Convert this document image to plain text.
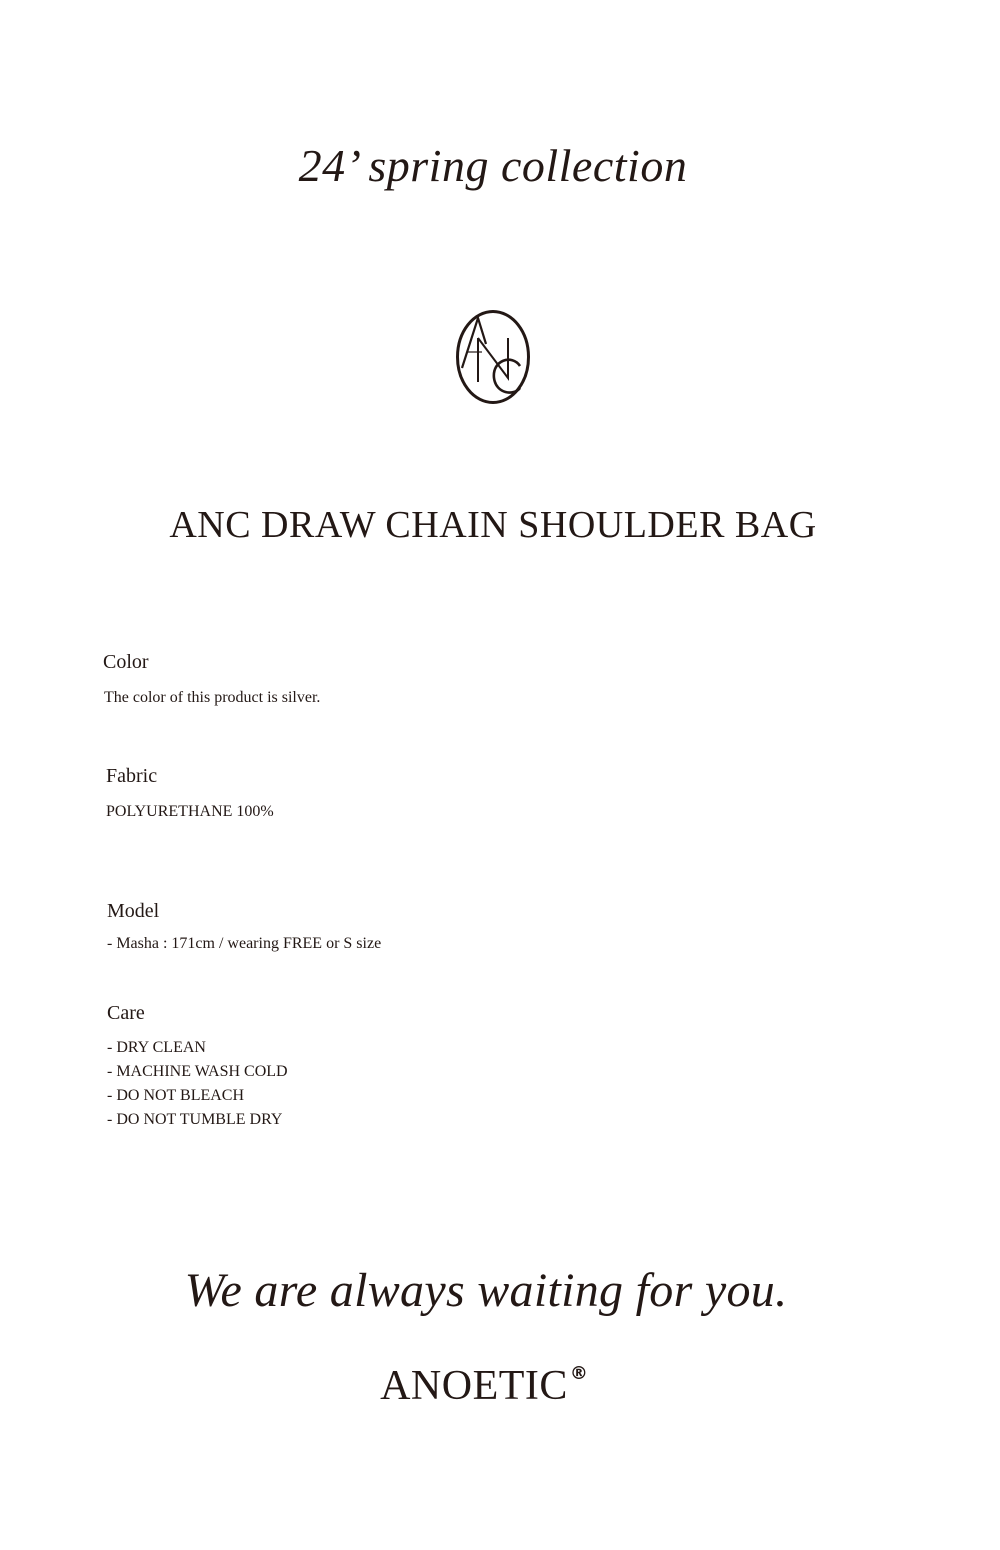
24’ spring collection
ANC DRAW CHAIN SHOULDER BAG
Color
The color of this product is silver.
Fabric
POLYURETHANE 100%
Model
- Masha : 171cm / wearing FREE or S size
Care
- DRY CLEAN
- MACHINE WASH COLD
- DO NOT BLEACH
- DO NOT TUMBLE DRY
We are always waiting for you.
ANOETIC ®
